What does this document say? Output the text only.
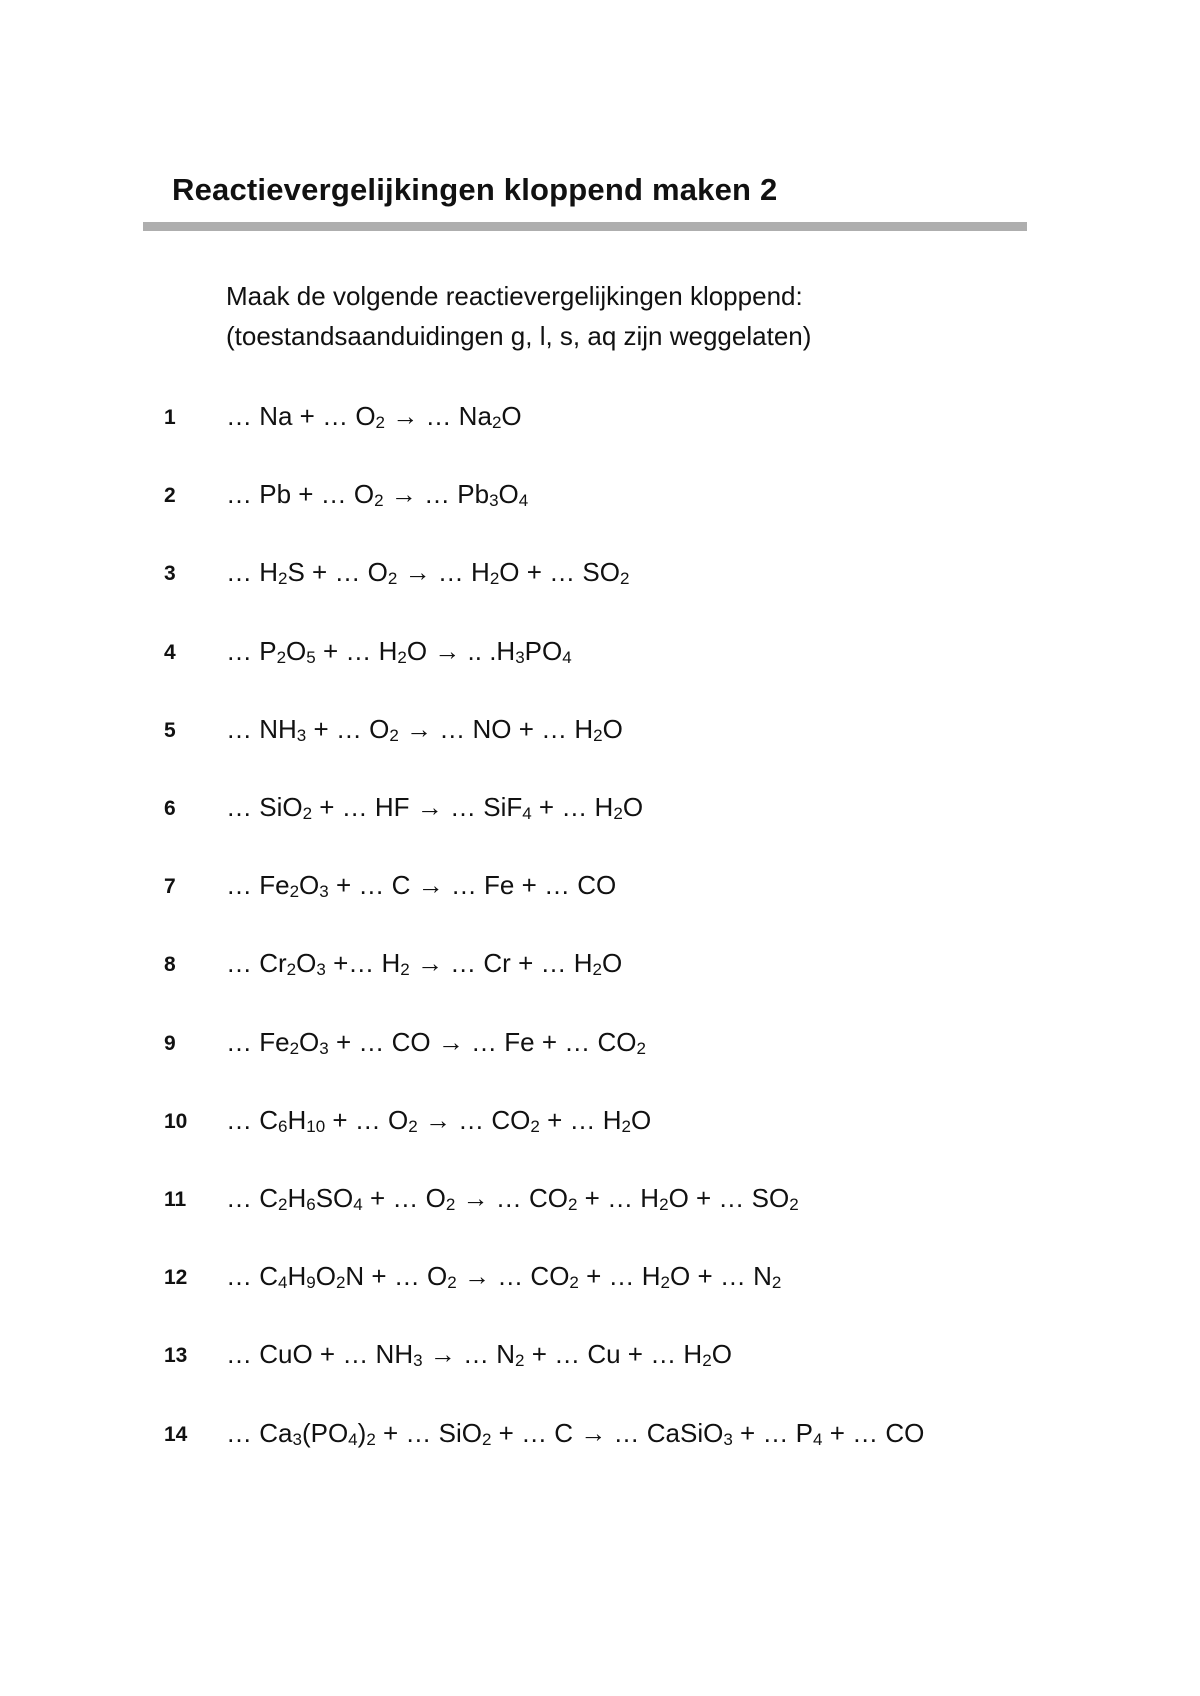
Reactievergelijkingen kloppend maken 2
Maak de volgende reactievergelijkingen kloppend:
(toestandsaanduidingen g, l, s, aq zijn weggelaten)
1 … Na + … $O_2$ → … $Na_2O$
2 … Pb + … $O_2$ → … $Pb_3O_4$
3 … $H_2S$ + … $O_2$ → … $H_2O$ + … $SO_2$
4 … $P_2O_5$ + … $H_2O$ → .. $.H_3PO_4$
5 … $NH_3$ + … $O_2$ → … NO + … $H_2O$
6 … SiO$_2$ + … HF → … SiF$_4$ + … $H_2O$
7 … $Fe_2O_3$ + … C → … Fe + … CO
8 … $Cr_2O_3$ +… $H_2$ → … Cr + … $H_2O$
9 … $Fe_2O_3$ + … CO → … Fe + … $CO_2$
10 … $C_6H_{10}$ + … $O_2$ → … $CO_2$ + … $H_2O$
11 … $C_2H_6SO_4$ + … $O_2$ → … $CO_2$ + … $H_2O$ + … $SO_2$
12 … $C_4H_9O_2N$ + … $O_2$ → … $CO_2$ + … $H_2O$ + … $N_2$
13 … CuO + … $NH_3$ → … $N_2$ + … Cu + … $H_2O$
14 … $Ca_3(PO_4)_2$ + … SiO$_2$ + … C → … CaSiO$_3$ + … $P_4$ + … CO
